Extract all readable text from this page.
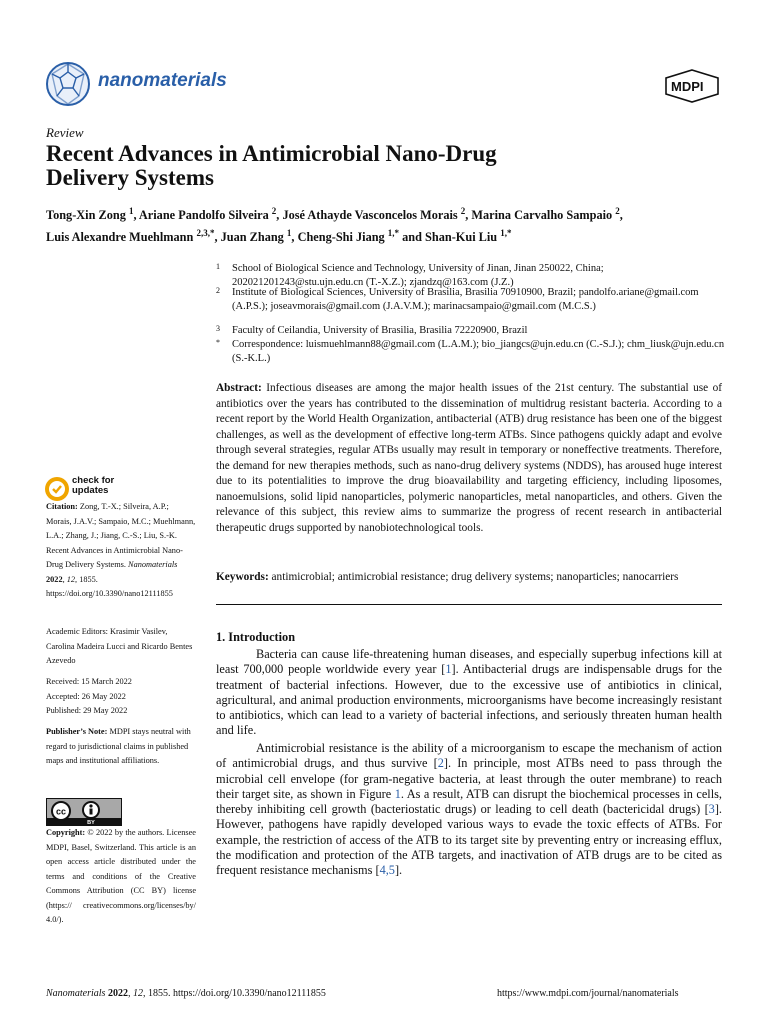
nanomaterials	MDPI
Review
Recent Advances in Antimicrobial Nano-Drug
Delivery Systems
Tong-Xin Zong $^1$, Ariane Pandolfo Silveira $^2$, José Athayde Vasconcelos Morais $^2$, Marina Carvalho Sampaio $^2$,
Luis Alexandre Muehlmann $^{2,3,*}$, Juan Zhang $^1$, Cheng-Shi Jiang $^{1,*}$ and Shan-Kui Liu $^{1,*}$
1 School of Biological Science and Technology, University of Jinan, Jinan 250022, China; 202021201243@stu.ujn.edu.cn (T.-X.Z.); zjandzq@163.com (J.Z.)
2 Institute of Biological Sciences, University of Brasilia, Brasilia 70910900, Brazil; pandolfo.ariane@gmail.com (A.P.S.); joseavmorais@gmail.com (J.A.V.M.); marinacsampaio@gmail.com (M.C.S.)
3 Faculty of Ceilandia, University of Brasilia, Brasilia 72220900, Brazil
* Correspondence: luismuehlmann88@gmail.com (L.A.M.); bio_jiangcs@ujn.edu.cn (C.-S.J.); chm_liusk@ujn.edu.cn (S.-K.L.)
Abstract: Infectious diseases are among the major health issues of the 21st century. The substantial use of antibiotics over the years has contributed to the dissemination of multidrug resistant bacteria. According to a recent report by the World Health Organization, antibacterial (ATB) drug resistance has been one of the biggest challenges, as well as the development of effective long-term ATBs. Since pathogens quickly adapt and evolve through several strategies, regular ATBs usually may result in temporary or noneffective treatments. Therefore, the demand for new therapies methods, such as nano-drug delivery systems (NDDS), has aroused huge interest due to its potentialities to improve the drug bioavailability and targeting efficiency, including liposomes, nanoemulsions, solid lipid nanoparticles, polymeric nanoparticles, metal nanoparticles, and others. Given the relevance of this subject, this review aims to summarize the progress of recent research in antibacterial therapeutic drugs supported by nanobiotechnological tools.
Keywords: antimicrobial; antimicrobial resistance; drug delivery systems; nanoparticles; nanocarriers
1. Introduction
Bacteria can cause life-threatening human diseases, and especially superbug infections kill at least 700,000 people worldwide every year [1]. Antibacterial drugs are indispensable drugs for the treatment of bacterial infections. However, due to the excessive use of antibiotics in clinical, agricultural, and animal production environments, microorganisms have become increasingly resistant to antibiotics, which can lead to a variety of bacterial infections, and seriously threaten human health and life.
Antimicrobial resistance is the ability of a microorganism to escape the mechanism of action of antimicrobial drugs, and thus survive [2]. In principle, most ATBs need to pass through the microbial cell envelope (for gram-negative bacteria, at least through the outer membrane) to reach their target site, as shown in Figure 1. As a result, ATB can disrupt the biochemical processes in cells, thereby inhibiting cell growth (bacteriostatic drugs) or leading to cell death (bactericidal drugs) [3]. However, pathogens have rapidly developed various ways to evade the toxic effects of ATBs. For example, the restriction of access of the ATB to its target site by preventing entry or increasing efflux, the modification and protection of the ATB targets, and inactivation of ATB drugs are to be cited as frequent resistance mechanisms [4,5].
check for
updates
Citation: Zong, T.-X.; Silveira, A.P.; Morais, J.A.V.; Sampaio, M.C.; Muehlmann, L.A.; Zhang, J.; Jiang, C.-S.; Liu, S.-K. Recent Advances in Antimicrobial Nano-Drug Delivery Systems. Nanomaterials 2022, 12, 1855. https://doi.org/10.3390/nano12111855
Academic Editors: Krasimir Vasilev, Carolina Madeira Lucci and Ricardo Bentes Azevedo
Received: 15 March 2022
Accepted: 26 May 2022
Published: 29 May 2022
Publisher’s Note: MDPI stays neutral with regard to jurisdictional claims in published maps and institutional affiliations.
cc
BY
Copyright: © 2022 by the authors. Licensee MDPI, Basel, Switzerland. This article is an open access article distributed under the terms and conditions of the Creative Commons Attribution (CC BY) license (https:// creativecommons.org/licenses/by/ 4.0/).
Nanomaterials 2022, 12, 1855. https://doi.org/10.3390/nano12111855	https://www.mdpi.com/journal/nanomaterials
